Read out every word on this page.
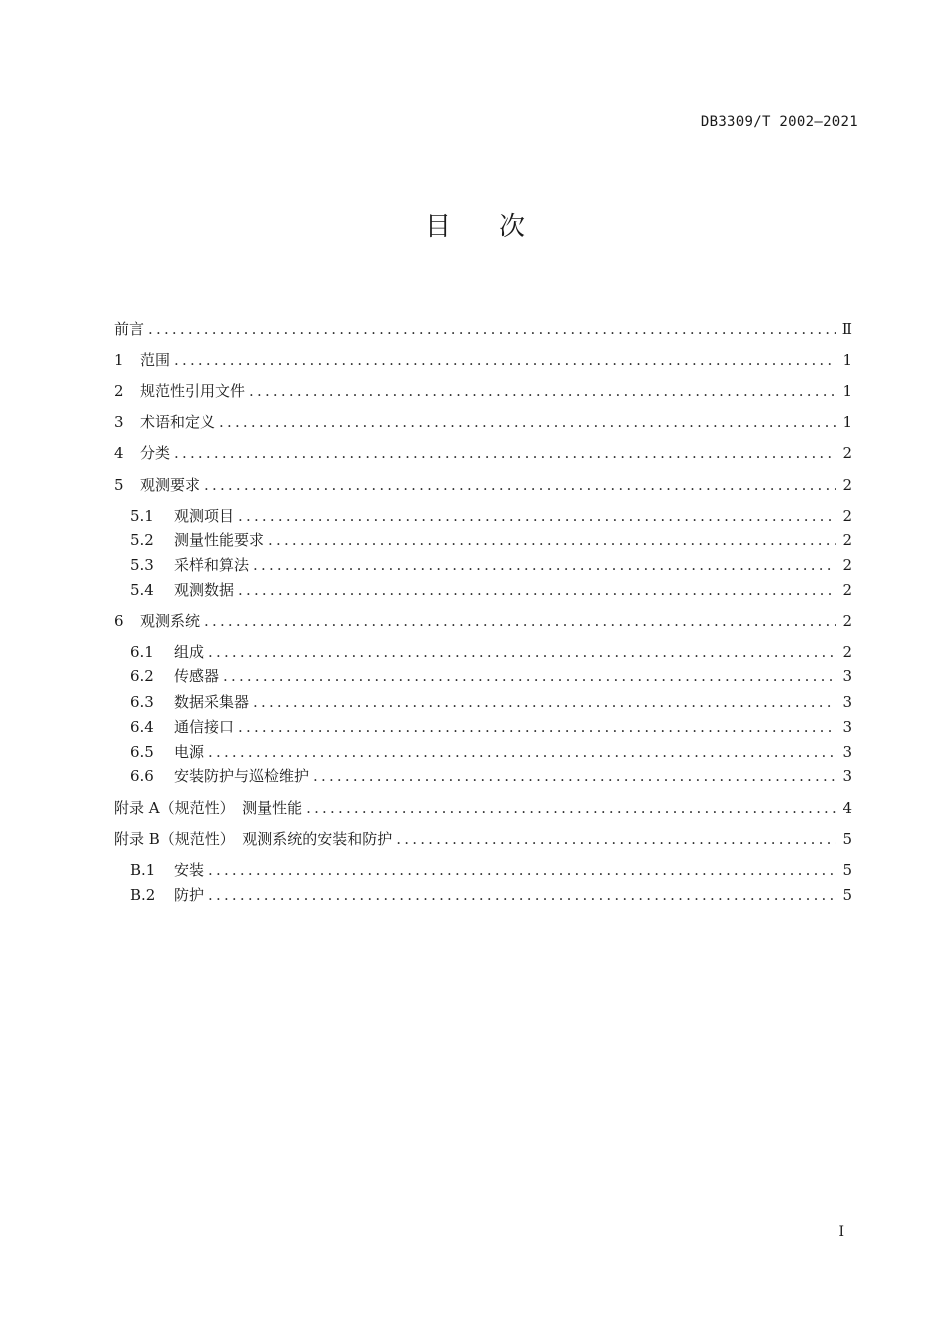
DB3309/T 2002—2021
目 次
前言 .....	Ⅱ
1	范围 .....	1
2	规范性引用文件 .....	1
3	术语和定义 .....	1
4	分类 .....	2
5	观测要求 .....	2
5.1	观测项目 .....	2
5.2	测量性能要求 .....	2
5.3	采样和算法 .....	2
5.4	观测数据 .....	2
6	观测系统 .....	2
6.1	组成 .....	2
6.2	传感器 .....	3
6.3	数据采集器 .....	3
6.4	通信接口 .....	3
6.5	电源 .....	3
6.6	安装防护与巡检维护 .....	3
附录 A（规范性）　测量性能 .....	4
附录 B（规范性）　观测系统的安装和防护 .....	5
B.1	安装 .....	5
B.2	防护 .....	5
I
